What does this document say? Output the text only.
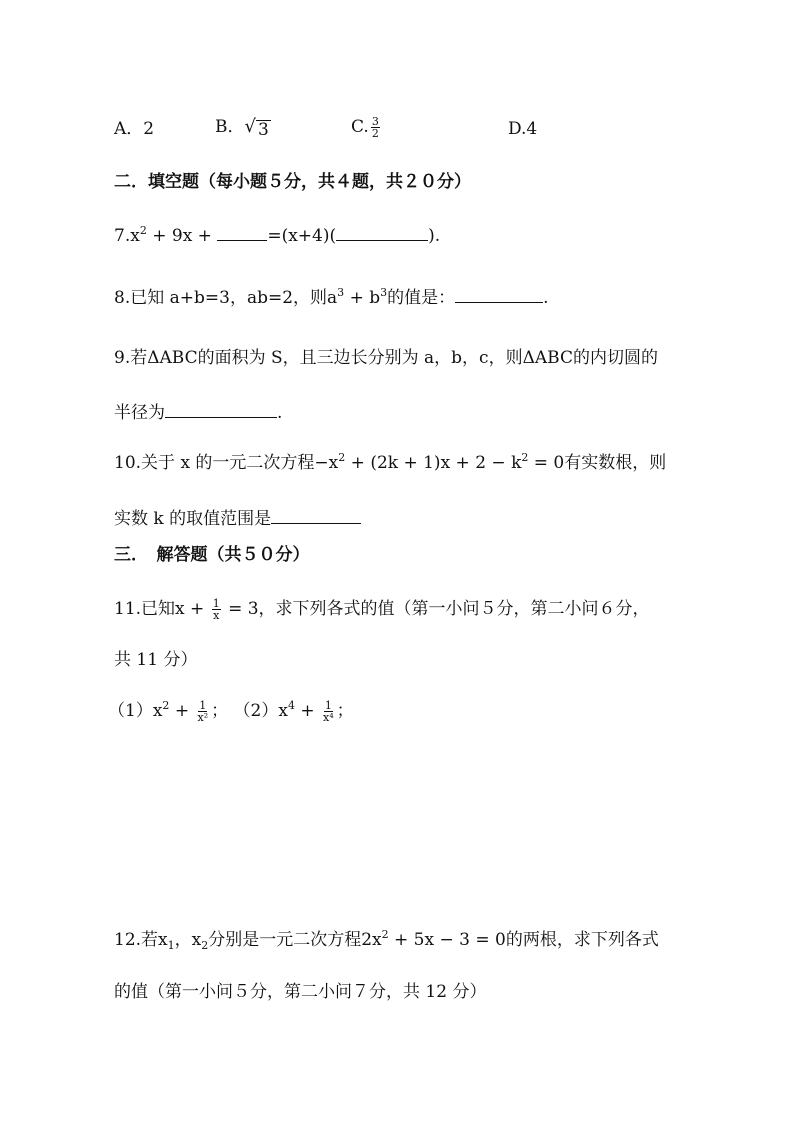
A．2	B． √ 3	C. $\frac{3}{2}$	D.4
二．填空题（每小题５分，共４题，共２０分）
$7.x^2 + 9x$ +	=(x+4)(	).
8.已知 a+b=3，ab=2，则$a^3 + b^3$的值是：	.
9.若ΔABC的面积为 S，且三边长分别为 a，b，c，则ΔABC的内切圆的
半径为	.
10.关于 x 的一元二次方程$-x^2 + (2k + 1)x + 2 - k^2 = 0$有实数根，则
实数 k 的取值范围是
三．　解答题（共５０分）
11.已知$x + \frac{1}{x} = 3$，求下列各式的值（第一小问５分，第二小问６分，
共 11 分）
$(1)x^2 + \frac{1}{\text{x²}}$ ； $(2)x^4 + \frac{1}{\text{x⁴}}$ ；
12.若$x_1$，$x_2$分别是一元二次方程$2x^2 + 5x - 3 = 0$的两根，求下列各式
的值（第一小问５分，第二小问７分，共 12 分）
